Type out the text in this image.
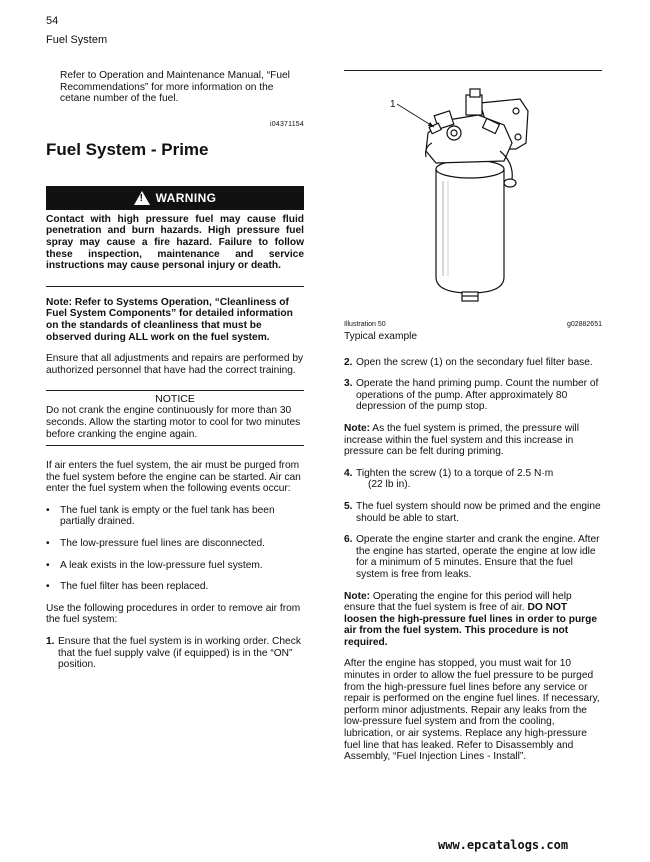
54
Fuel System

Refer to Operation and Maintenance Manual, “Fuel Recommendations” for more information on the cetane number of the fuel.

i04371154
Fuel System - Prime
! WARNING

Contact with high pressure fuel may cause fluid penetration and burn hazards. High pressure fuel spray may cause a fire hazard. Failure to follow these inspection, maintenance and service instructions may cause personal injury or death.

Note: Refer to Systems Operation, “Cleanliness of Fuel System Components” for detailed information on the standards of cleanliness that must be observed during ALL work on the fuel system.

Ensure that all adjustments and repairs are performed by authorized personnel that have had the correct training.

NOTICE

Do not crank the engine continuously for more than 30 seconds. Allow the starting motor to cool for two minutes before cranking the engine again.

If air enters the fuel system, the air must be purged from the fuel system before the engine can be started. Air can enter the fuel system when the following events occur:

•	The fuel tank is empty or the fuel tank has been partially drained.
•	The low-pressure fuel lines are disconnected.
•	A leak exists in the low-pressure fuel system.
•	The fuel filter has been replaced.

Use the following procedures in order to remove air from the fuel system:

1. Ensure that the fuel system is in working order. Check that the fuel supply valve (if equipped) is in the “ON” position.
1
Illustration 50	g02882651

Typical example

2. Open the screw (1) on the secondary fuel filter base.
3. Operate the hand priming pump. Count the number of operations of the pump. After approximately 80 depression of the pump stop.

Note: As the fuel system is primed, the pressure will increase within the fuel system and this increase in pressure can be felt during priming.

4. Tighten the screw (1) to a torque of 2.5 N·m
(22 lb in).
5. The fuel system should now be primed and the engine should be able to start.
6. Operate the engine starter and crank the engine. After the engine has started, operate the engine at low idle for a minimum of 5 minutes. Ensure that the fuel system is free from leaks.

Note: Operating the engine for this period will help ensure that the fuel system is free of air. DO NOT loosen the high-pressure fuel lines in order to purge air from the fuel system. This procedure is not required.

After the engine has stopped, you must wait for 10 minutes in order to allow the fuel pressure to be purged from the high-pressure fuel lines before any service or repair is performed on the engine fuel lines. If necessary, perform minor adjustments. Repair any leaks from the low-pressure fuel system and from the cooling, lubrication, or air systems. Replace any high-pressure fuel line that has leaked. Refer to Disassembly and Assembly, “Fuel Injection Lines - Install”.

www.epcatalogs.com
